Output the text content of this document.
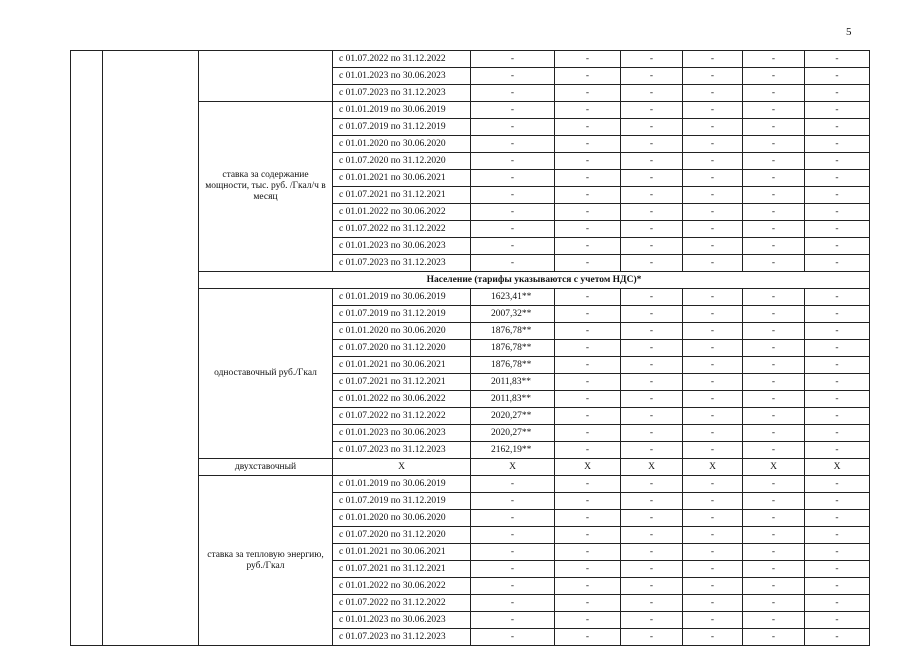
5
			с 01.07.2022 по 31.12.2022	-	-	-	-	-	-
			с 01.01.2023 по 30.06.2023	-	-	-	-	-	-
			с 01.07.2023 по 31.12.2023	-	-	-	-	-	-
		ставка за содержание мощности, тыс. руб. /Гкал/ч в месяц	с 01.01.2019 по 30.06.2019	-	-	-	-	-	-
			с 01.07.2019 по 31.12.2019	-	-	-	-	-	-
			с 01.01.2020 по 30.06.2020	-	-	-	-	-	-
			с 01.07.2020 по 31.12.2020	-	-	-	-	-	-
			с 01.01.2021 по 30.06.2021	-	-	-	-	-	-
			с 01.07.2021 по 31.12.2021	-	-	-	-	-	-
			с 01.01.2022 по 30.06.2022	-	-	-	-	-	-
			с 01.07.2022 по 31.12.2022	-	-	-	-	-	-
			с 01.01.2023 по 30.06.2023	-	-	-	-	-	-
			с 01.07.2023 по 31.12.2023	-	-	-	-	-	-
		Население (тарифы указываются с учетом НДС)*							
		одноставочный руб./Гкал	с 01.01.2019 по 30.06.2019	1623,41**	-	-	-	-	-
			с 01.07.2019 по 31.12.2019	2007,32**	-	-	-	-	-
			с 01.01.2020 по 30.06.2020	1876,78**	-	-	-	-	-
			с 01.07.2020 по 31.12.2020	1876,78**	-	-	-	-	-
			с 01.01.2021 по 30.06.2021	1876,78**	-	-	-	-	-
			с 01.07.2021 по 31.12.2021	2011,83**	-	-	-	-	-
			с 01.01.2022 по 30.06.2022	2011,83**	-	-	-	-	-
			с 01.07.2022 по 31.12.2022	2020,27**	-	-	-	-	-
			с 01.01.2023 по 30.06.2023	2020,27**	-	-	-	-	-
			с 01.07.2023 по 31.12.2023	2162,19**	-	-	-	-	-
		двухставочный	Х	Х	Х	Х	Х	Х	Х
		ставка за тепловую энергию, руб./Гкал	с 01.01.2019 по 30.06.2019	-	-	-	-	-	-
			с 01.07.2019 по 31.12.2019	-	-	-	-	-	-
			с 01.01.2020 по 30.06.2020	-	-	-	-	-	-
			с 01.07.2020 по 31.12.2020	-	-	-	-	-	-
			с 01.01.2021 по 30.06.2021	-	-	-	-	-	-
			с 01.07.2021 по 31.12.2021	-	-	-	-	-	-
			с 01.01.2022 по 30.06.2022	-	-	-	-	-	-
			с 01.07.2022 по 31.12.2022	-	-	-	-	-	-
			с 01.01.2023 по 30.06.2023	-	-	-	-	-	-
			с 01.07.2023 по 31.12.2023	-	-	-	-	-	-
